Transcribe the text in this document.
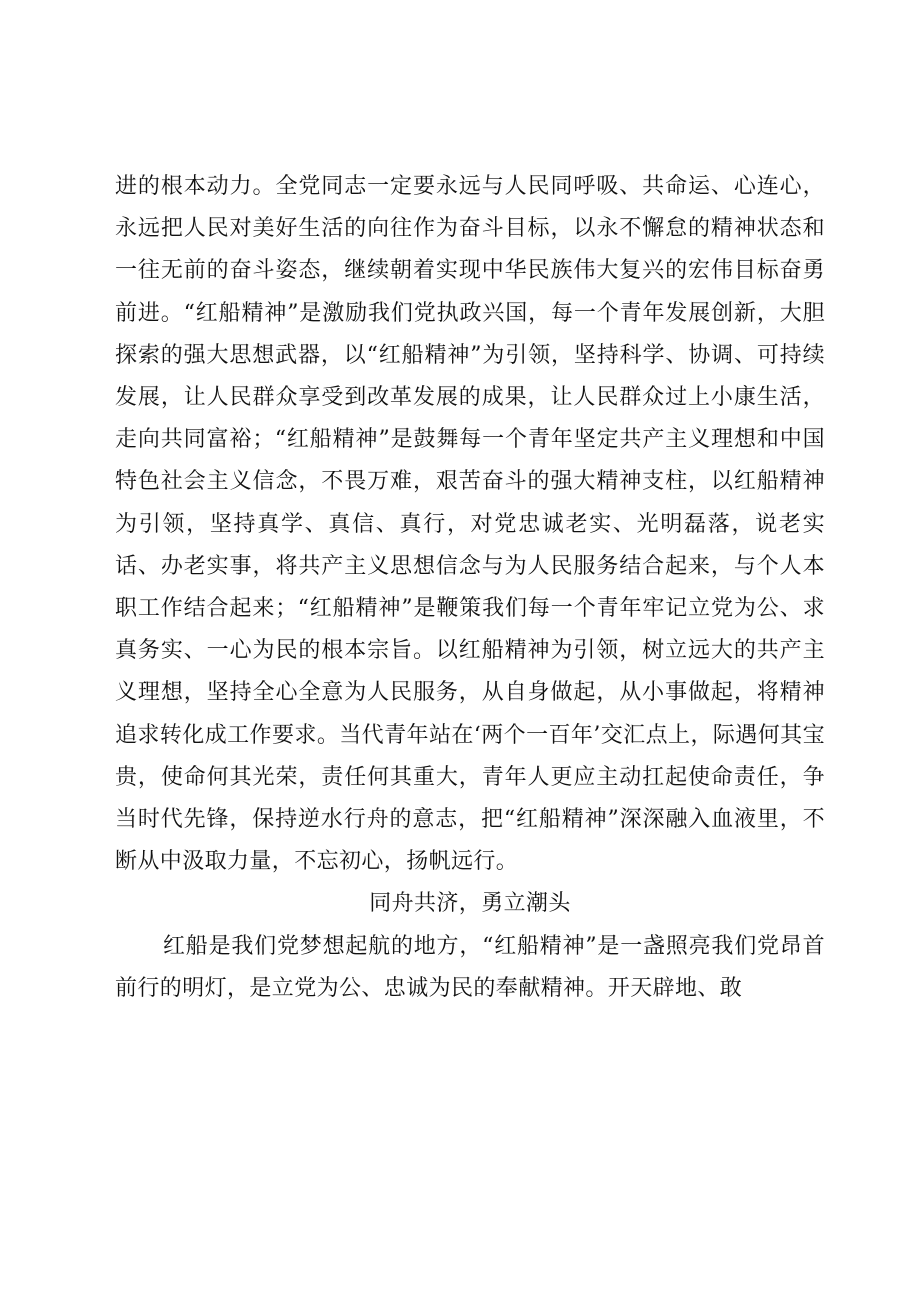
进的根本动力。全党同志一定要永远与人民同呼吸、共命运、心连心，永远把人民对美好生活的向往作为奋斗目标，以永不懈怠的精神状态和一往无前的奋斗姿态，继续朝着实现中华民族伟大复兴的宏伟目标奋勇前进。“红船精神”是激励我们党执政兴国，每一个青年发展创新，大胆探索的强大思想武器，以“红船精神”为引领，坚持科学、协调、可持续发展，让人民群众享受到改革发展的成果，让人民群众过上小康生活，走向共同富裕；“红船精神”是鼓舞每一个青年坚定共产主义理想和中国特色社会主义信念，不畏万难，艰苦奋斗的强大精神支柱，以红船精神为引领，坚持真学、真信、真行，对党忠诚老实、光明磊落，说老实话、办老实事，将共产主义思想信念与为人民服务结合起来，与个人本职工作结合起来；“红船精神”是鞭策我们每一个青年牢记立党为公、求真务实、一心为民的根本宗旨。以红船精神为引领，树立远大的共产主义理想，坚持全心全意为人民服务，从自身做起，从小事做起，将精神追求转化成工作要求。当代青年站在‘两个一百年’交汇点上，际遇何其宝贵，使命何其光荣，责任何其重大，青年人更应主动扛起使命责任，争当时代先锋，保持逆水行舟的意志，把“红船精神”深深融入血液里，不断从中汲取力量，不忘初心，扬帆远行。

同舟共济，勇立潮头

红船是我们党梦想起航的地方，“红船精神”是一盏照亮我们党昂首前行的明灯，是立党为公、忠诚为民的奉献精神。开天辟地、敢
